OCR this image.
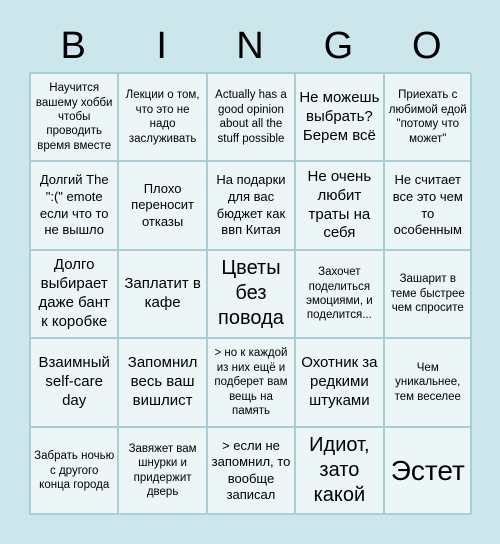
B	I	N	G	O
Научится вашему хобби чтобы проводить время вместе
Лекции о том, что это не надо заслуживать
Actually has a good opinion about all the stuff possible
Не можешь выбрать? Берем всё
Приехать с любимой едой "потому что может"
Долгий The ":(" emote если что то не вышло
Плохо переносит отказы
На подарки для вас бюджет как ввп Китая
Не очень любит траты на себя
Не считает все это чем то особенным
Долго выбирает даже бант к коробке
Заплатит в кафе
Цветы без повода
Захочет поделиться эмоциями, и поделится...
Зашарит в теме быстрее чем спросите
Взаимный self-care day
Запомнил весь ваш вишлист
> но к каждой из них ещё и подберет вам вещь на память
Охотник за редкими штуками
Чем уникальнее, тем веселее
Забрать ночью с другого конца города
Завяжет вам шнурки и придержит дверь
> если не запомнил, то вообще записал
Идиот, зато какой
Эстет
